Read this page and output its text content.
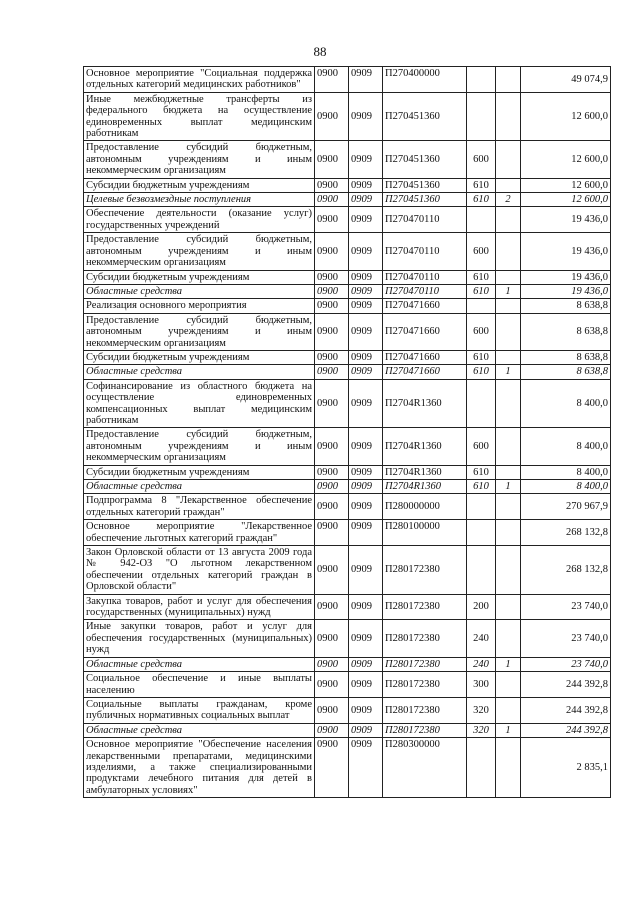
88
Основное мероприятие "Социальная поддержка отдельных категорий медицинских работников"	0900	0909	П270400000			49 074,9
Иные межбюджетные трансферты из федерального бюджета на осуществление единовременных выплат медицинским работникам	0900	0909	П270451360			12 600,0
Предоставление субсидий бюджетным, автономным учреждениям и иным некоммерческим организациям	0900	0909	П270451360	600		12 600,0
Субсидии бюджетным учреждениям	0900	0909	П270451360	610		12 600,0
Целевые безвозмездные поступления	0900	0909	П270451360	610	2	12 600,0
Обеспечение деятельности (оказание услуг) государственных учреждений	0900	0909	П270470110			19 436,0
Предоставление субсидий бюджетным, автономным учреждениям и иным некоммерческим организациям	0900	0909	П270470110	600		19 436,0
Субсидии бюджетным учреждениям	0900	0909	П270470110	610		19 436,0
Областные средства	0900	0909	П270470110	610	1	19 436,0
Реализация основного мероприятия	0900	0909	П270471660			8 638,8
Предоставление субсидий бюджетным, автономным учреждениям и иным некоммерческим организациям	0900	0909	П270471660	600		8 638,8
Субсидии бюджетным учреждениям	0900	0909	П270471660	610		8 638,8
Областные средства	0900	0909	П270471660	610	1	8 638,8
Софинансирование из областного бюджета на осуществление единовременных компенсационных выплат медицинским работникам	0900	0909	П2704R1360			8 400,0
Предоставление субсидий бюджетным, автономным учреждениям и иным некоммерческим организациям	0900	0909	П2704R1360	600		8 400,0
Субсидии бюджетным учреждениям	0900	0909	П2704R1360	610		8 400,0
Областные средства	0900	0909	П2704R1360	610	1	8 400,0
Подпрограмма 8 "Лекарственное обеспечение отдельных категорий граждан"	0900	0909	П280000000			270 967,9
Основное мероприятие "Лекарственное обеспечение льготных категорий граждан"	0900	0909	П280100000			268 132,8
Закон Орловской области от 13 августа 2009 года № 942-ОЗ "О льготном лекарственном обеспечении отдельных категорий граждан в Орловской области"	0900	0909	П280172380			268 132,8
Закупка товаров, работ и услуг для обеспечения государственных (муниципальных) нужд	0900	0909	П280172380	200		23 740,0
Иные закупки товаров, работ и услуг для обеспечения государственных (муниципальных) нужд	0900	0909	П280172380	240		23 740,0
Областные средства	0900	0909	П280172380	240	1	23 740,0
Социальное обеспечение и иные выплаты населению	0900	0909	П280172380	300		244 392,8
Социальные выплаты гражданам, кроме публичных нормативных социальных выплат	0900	0909	П280172380	320		244 392,8
Областные средства	0900	0909	П280172380	320	1	244 392,8
Основное мероприятие "Обеспечение населения лекарственными препаратами, медицинскими изделиями, а также специализированными продуктами лечебного питания для детей в амбулаторных условиях"	0900	0909	П280300000			2 835,1
